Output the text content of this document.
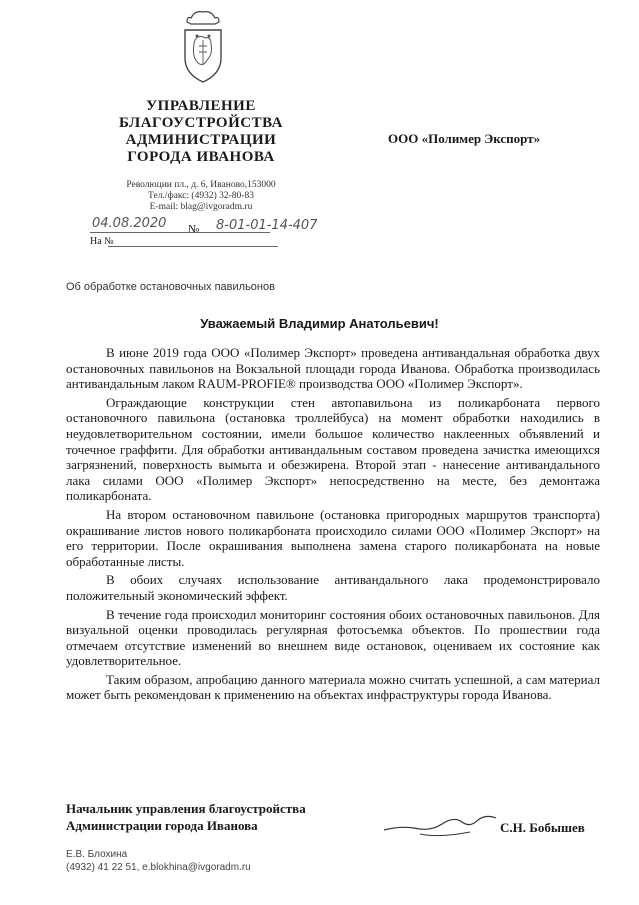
УПРАВЛЕНИЕ
БЛАГОУСТРОЙСТВА
АДМИНИСТРАЦИИ
ГОРОДА ИВАНОВА
Революции пл., д. 6, Иваново,153000
Тел./факс: (4932) 32-80-83
E-mail: blag@ivgoradm.ru
04.08.2020 № 8-01-01-14-407
На №
ООО «Полимер Экспорт»
Об обработке остановочных павильонов
Уважаемый Владимир Анатольевич!

В июне 2019 года ООО «Полимер Экспорт» проведена антивандальная обработка двух остановочных павильонов на Вокзальной площади города Иванова. Обработка производилась антивандальным лаком RAUM-PROFIE® производства ООО «Полимер Экспорт».

Ограждающие конструкции стен автопавильона из поликарбоната первого остановочного павильона (остановка троллейбуса) на момент обработки находились в неудовлетворительном состоянии, имели большое количество наклеенных объявлений и точечное граффити. Для обработки антивандальным составом проведена зачистка имеющихся загрязнений, поверхность вымыта и обезжирена. Второй этап - нанесение антивандального лака силами ООО «Полимер Экспорт» непосредственно на месте, без демонтажа поликарбоната.

На втором остановочном павильоне (остановка пригородных маршрутов транспорта) окрашивание листов нового поликарбоната происходило силами ООО «Полимер Экспорт» на его территории. После окрашивания выполнена замена старого поликарбоната на новые обработанные листы.

В обоих случаях использование антивандального лака продемонстрировало положительный экономический эффект.

В течение года происходил мониторинг состояния обоих остановочных павильонов. Для визуальной оценки проводилась регулярная фотосъемка объектов. По прошествии года отмечаем отсутствие изменений во внешнем виде остановок, оцениваем их состояние как удовлетворительное.

Таким образом, апробацию данного материала можно считать успешной, а сам материал может быть рекомендован к применению на объектах инфраструктуры города Иванова.

Начальник управления благоустройства
Администрации города Иванова	С.Н. Бобышев
Е.В. Блохина
(4932) 41 22 51, e.blokhina@ivgoradm.ru
